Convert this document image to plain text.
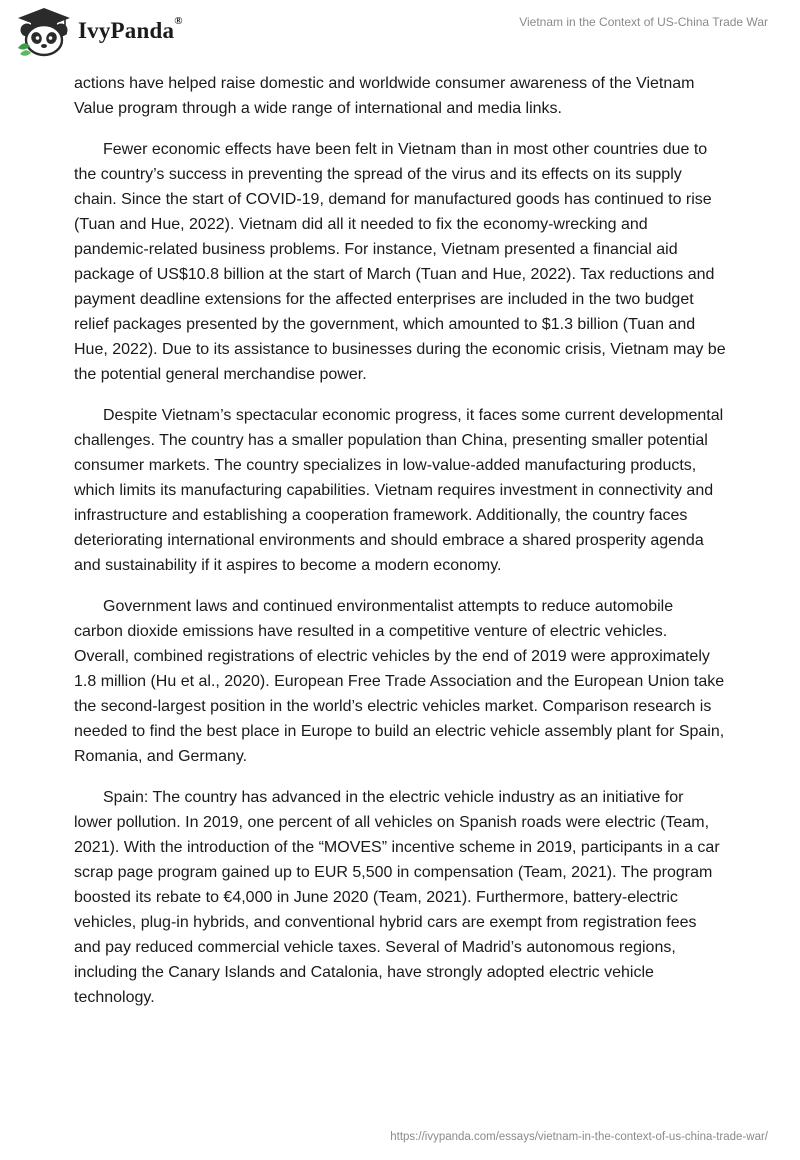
IvyPanda®	Vietnam in the Context of US-China Trade War

actions have helped raise domestic and worldwide consumer awareness of the Vietnam Value program through a wide range of international and media links.

Fewer economic effects have been felt in Vietnam than in most other countries due to the country’s success in preventing the spread of the virus and its effects on its supply chain. Since the start of COVID-19, demand for manufactured goods has continued to rise (Tuan and Hue, 2022). Vietnam did all it needed to fix the economy-wrecking and pandemic-related business problems. For instance, Vietnam presented a financial aid package of US$10.8 billion at the start of March (Tuan and Hue, 2022). Tax reductions and payment deadline extensions for the affected enterprises are included in the two budget relief packages presented by the government, which amounted to $1.3 billion (Tuan and Hue, 2022). Due to its assistance to businesses during the economic crisis, Vietnam may be the potential general merchandise power.

Despite Vietnam’s spectacular economic progress, it faces some current developmental challenges. The country has a smaller population than China, presenting smaller potential consumer markets. The country specializes in low-value-added manufacturing products, which limits its manufacturing capabilities. Vietnam requires investment in connectivity and infrastructure and establishing a cooperation framework. Additionally, the country faces deteriorating international environments and should embrace a shared prosperity agenda and sustainability if it aspires to become a modern economy.

Government laws and continued environmentalist attempts to reduce automobile carbon dioxide emissions have resulted in a competitive venture of electric vehicles. Overall, combined registrations of electric vehicles by the end of 2019 were approximately 1.8 million (Hu et al., 2020). European Free Trade Association and the European Union take the second-largest position in the world’s electric vehicles market. Comparison research is needed to find the best place in Europe to build an electric vehicle assembly plant for Spain, Romania, and Germany.

Spain: The country has advanced in the electric vehicle industry as an initiative for lower pollution. In 2019, one percent of all vehicles on Spanish roads were electric (Team, 2021). With the introduction of the “MOVES” incentive scheme in 2019, participants in a car scrap page program gained up to EUR 5,500 in compensation (Team, 2021). The program boosted its rebate to €4,000 in June 2020 (Team, 2021). Furthermore, battery-electric vehicles, plug-in hybrids, and conventional hybrid cars are exempt from registration fees and pay reduced commercial vehicle taxes. Several of Madrid’s autonomous regions, including the Canary Islands and Catalonia, have strongly adopted electric vehicle technology.

https://ivypanda.com/essays/vietnam-in-the-context-of-us-china-trade-war/
